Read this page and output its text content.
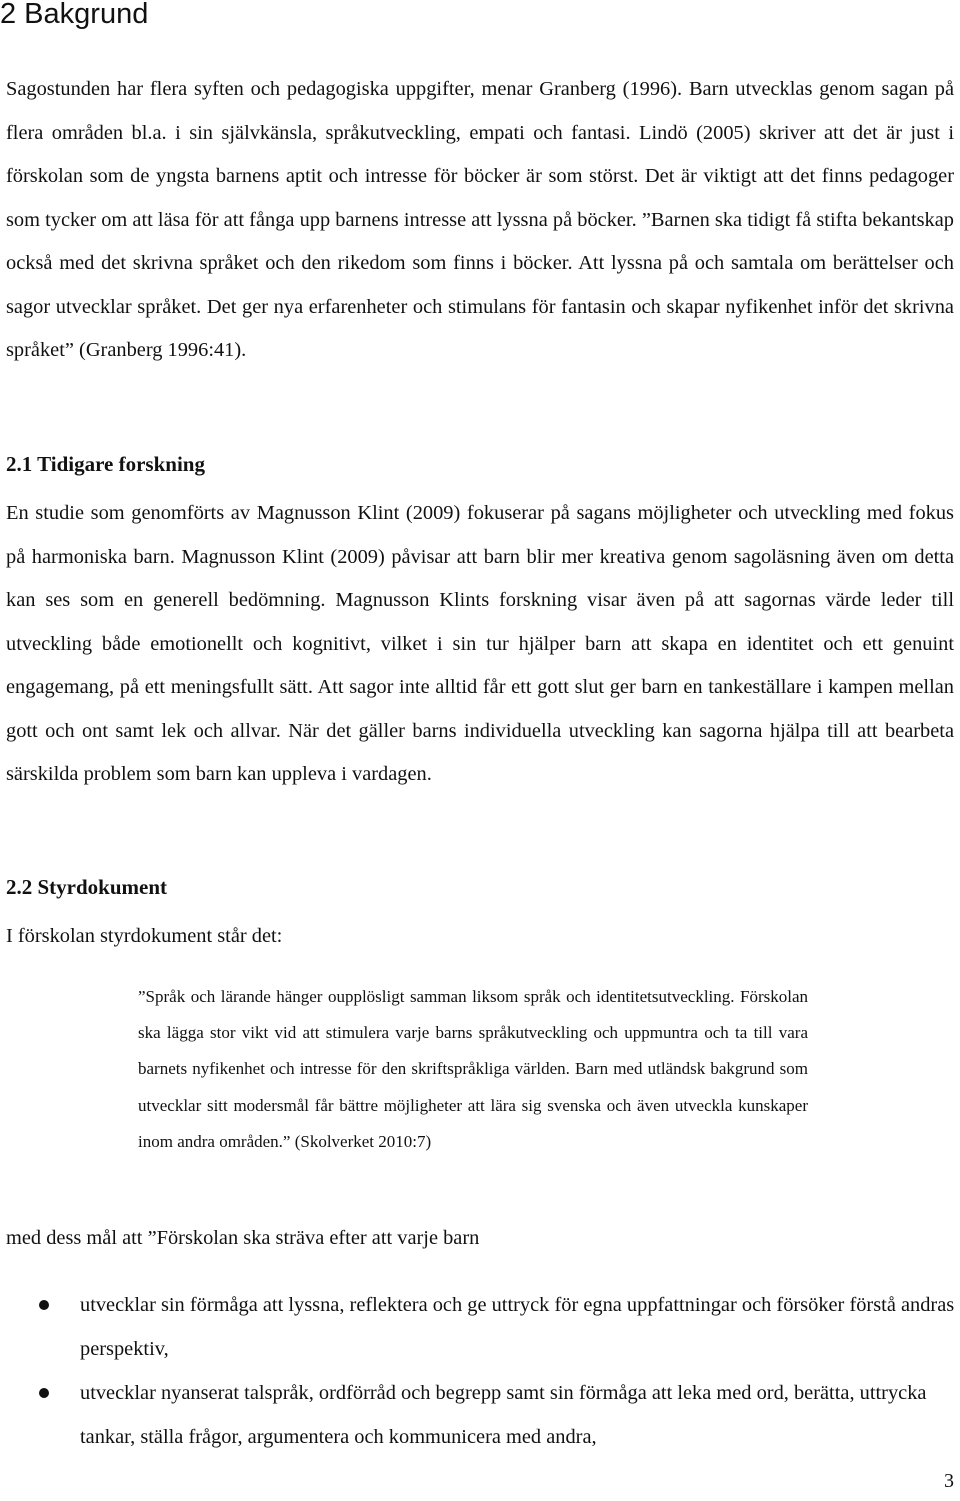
2 Bakgrund

Sagostunden har flera syften och pedagogiska uppgifter, menar Granberg (1996). Barn utvecklas genom sagan på flera områden bl.a. i sin självkänsla, språkutveckling, empati och fantasi. Lindö (2005) skriver att det är just i förskolan som de yngsta barnens aptit och intresse för böcker är som störst. Det är viktigt att det finns pedagoger som tycker om att läsa för att fånga upp barnens intresse att lyssna på böcker. ”Barnen ska tidigt få stifta bekantskap också med det skrivna språket och den rikedom som finns i böcker. Att lyssna på och samtala om berättelser och sagor utvecklar språket. Det ger nya erfarenheter och stimulans för fantasin och skapar nyfikenhet inför det skrivna språket” (Granberg 1996:41).

2.1 Tidigare forskning

En studie som genomförts av Magnusson Klint (2009) fokuserar på sagans möjligheter och utveckling med fokus på harmoniska barn. Magnusson Klint (2009) påvisar att barn blir mer kreativa genom sagoläsning även om detta kan ses som en generell bedömning. Magnusson Klints forskning visar även på att sagornas värde leder till utveckling både emotionellt och kognitivt, vilket i sin tur hjälper barn att skapa en identitet och ett genuint engagemang, på ett meningsfullt sätt. Att sagor inte alltid får ett gott slut ger barn en tankeställare i kampen mellan gott och ont samt lek och allvar. När det gäller barns individuella utveckling kan sagorna hjälpa till att bearbeta särskilda problem som barn kan uppleva i vardagen.

2.2 Styrdokument

I förskolan styrdokument står det:

”Språk och lärande hänger oupplösligt samman liksom språk och identitetsutveckling. Förskolan ska lägga stor vikt vid att stimulera varje barns språkutveckling och uppmuntra och ta till vara barnets nyfikenhet och intresse för den skriftspråkliga världen. Barn med utländsk bakgrund som utvecklar sitt modersmål får bättre möjligheter att lära sig svenska och även utveckla kunskaper inom andra områden.” (Skolverket 2010:7)

med dess mål att ”Förskolan ska sträva efter att varje barn

utvecklar sin förmåga att lyssna, reflektera och ge uttryck för egna uppfattningar och försöker förstå andras perspektiv,
utvecklar nyanserat talspråk, ordförråd och begrepp samt sin förmåga att leka med ord, berätta, uttrycka tankar, ställa frågor, argumentera och kommunicera med andra,
3
